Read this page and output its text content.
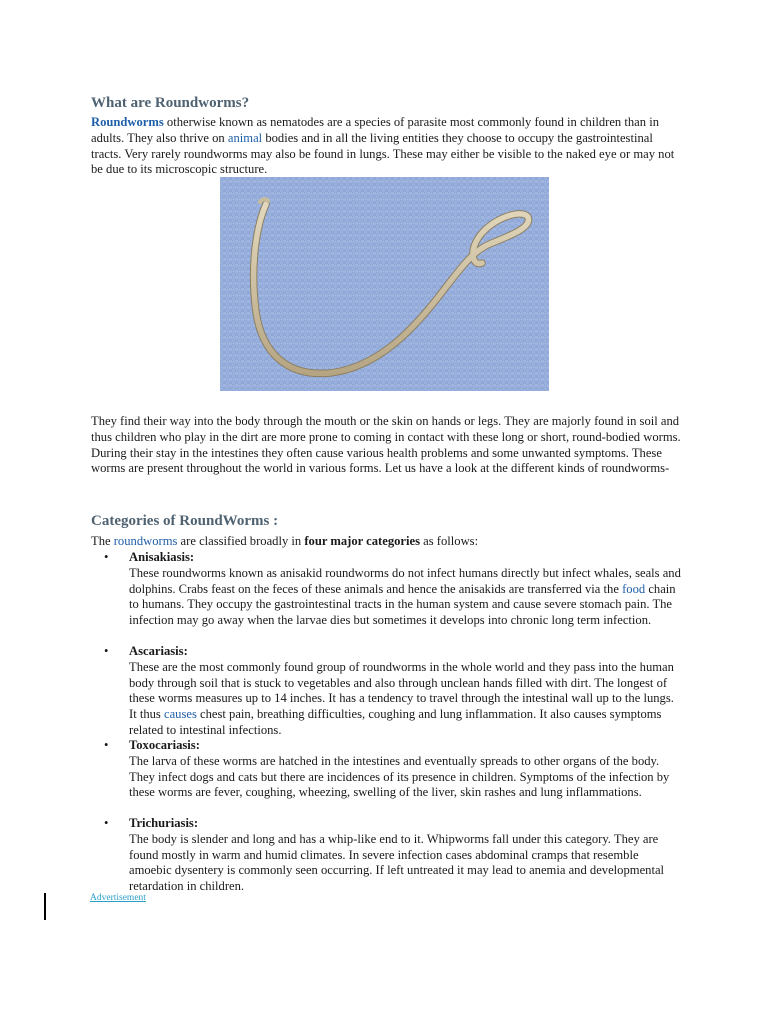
What are Roundworms?

Roundworms otherwise known as nematodes are a species of parasite most commonly found in children than in adults. They also thrive on animal bodies and in all the living entities they choose to occupy the gastrointestinal tracts. Very rarely roundworms may also be found in lungs. These may either be visible to the naked eye or may not be due to its microscopic structure.

They find their way into the body through the mouth or the skin on hands or legs. They are majorly found in soil and thus children who play in the dirt are more prone to coming in contact with these long or short, round-bodied worms. During their stay in the intestines they often cause various health problems and some unwanted symptoms. These worms are present throughout the world in various forms. Let us have a look at the different kinds of roundworms-

Categories of RoundWorms :

The roundworms are classified broadly in four major categories as follows:

• Anisakiasis:

These roundworms known as anisakid roundworms do not infect humans directly but infect whales, seals and dolphins. Crabs feast on the feces of these animals and hence the anisakids are transferred via the food chain to humans. They occupy the gastrointestinal tracts in the human system and cause severe stomach pain. The infection may go away when the larvae dies but sometimes it develops into chronic long term infection.

• Ascariasis:

These are the most commonly found group of roundworms in the whole world and they pass into the human body through soil that is stuck to vegetables and also through unclean hands filled with dirt. The longest of these worms measures up to 14 inches. It has a tendency to travel through the intestinal wall up to the lungs. It thus causes chest pain, breathing difficulties, coughing and lung inflammation. It also causes symptoms related to intestinal infections.

• Toxocariasis:

The larva of these worms are hatched in the intestines and eventually spreads to other organs of the body. They infect dogs and cats but there are incidences of its presence in children. Symptoms of the infection by these worms are fever, coughing, wheezing, swelling of the liver, skin rashes and lung inflammations.

• Trichuriasis:

The body is slender and long and has a whip-like end to it. Whipworms fall under this category. They are found mostly in warm and humid climates. In severe infection cases abdominal cramps that resemble amoebic dysentery is commonly seen occurring. If left untreated it may lead to anemia and developmental retardation in children.

Advertisement
